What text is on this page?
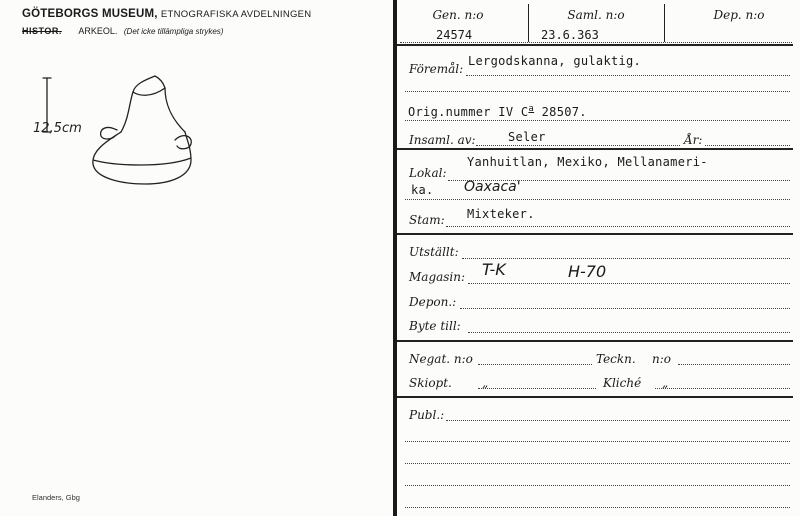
GÖTEBORGS MUSEUM, ETNOGRAFISKA AVDELNINGEN
HISTOR. ARKEOL. (Det icke tillämpliga strykes)
12,5cm
Elanders, Gbg
Gen. n:o
24574
Saml. n:o
23.6.363
Dep. n:o
Föremål:
Lergodskanna, gulaktig.
Orig.nummer IV $C^a$ 28507.
Insaml. av:	Seler	År:
Lokal:
Yanhuitlan, Mexiko, Mellanameri-
ka. Oaxaca'
Stam: Mixteker.
Utställt:
Magasin: T-K	H-70
Depon.:
Byte till:
Negat. n:o	Teckn. n:o
Skiopt.	„	Kliché „
Publ.:
